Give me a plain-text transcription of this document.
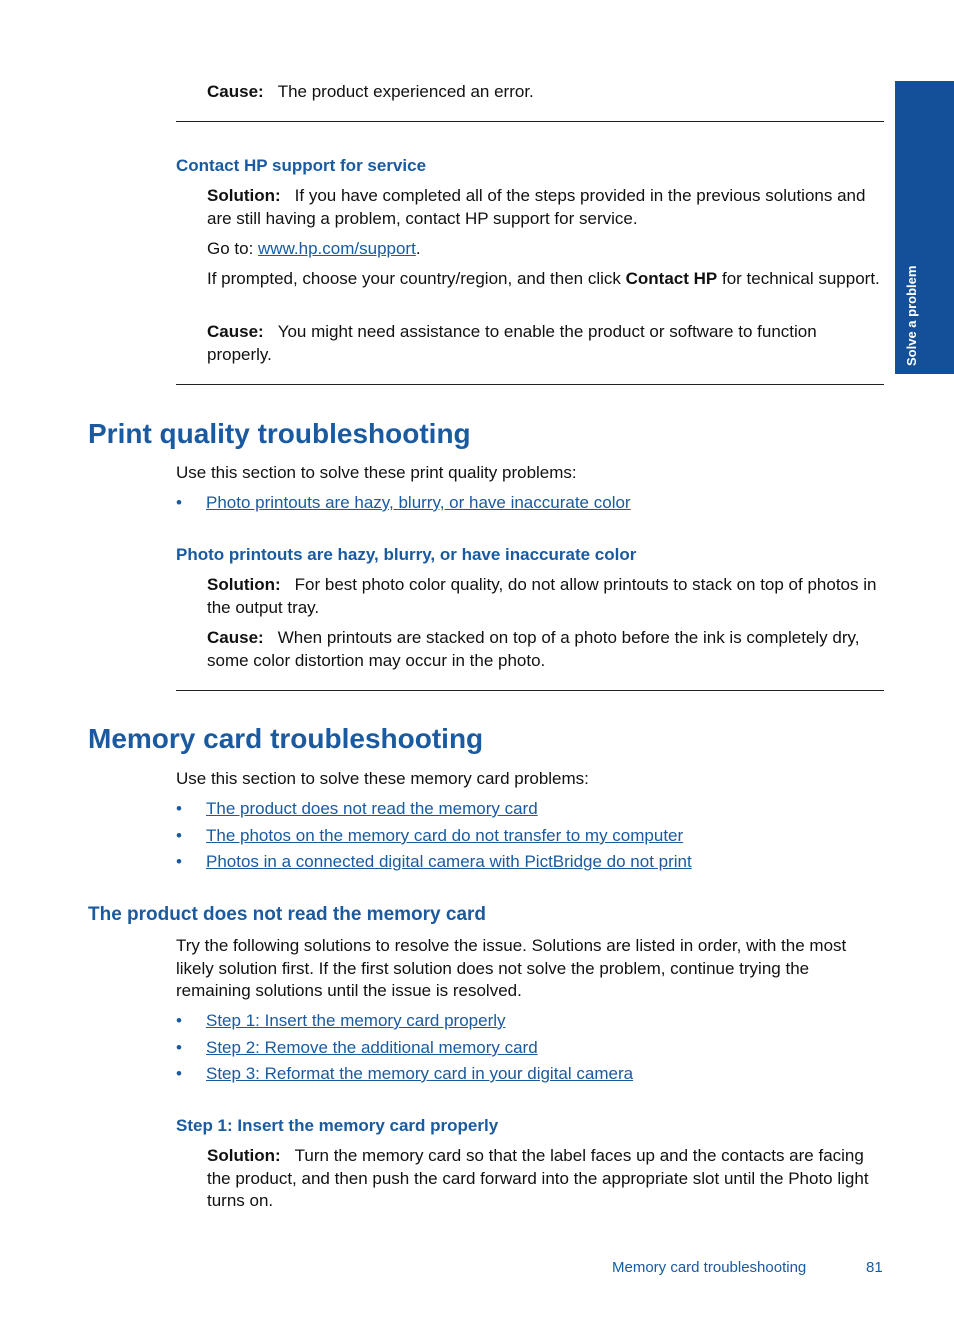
Solve a problem

Cause: The product experienced an error.

Contact HP support for service

Solution: If you have completed all of the steps provided in the previous solutions and are still having a problem, contact HP support for service.

Go to: www.hp.com/support.

If prompted, choose your country/region, and then click Contact HP for technical support.

Cause: You might need assistance to enable the product or software to function properly.

Print quality troubleshooting

Use this section to solve these print quality problems:

• Photo printouts are hazy, blurry, or have inaccurate color
Photo printouts are hazy, blurry, or have inaccurate color

Solution: For best photo color quality, do not allow printouts to stack on top of photos in the output tray.

Cause: When printouts are stacked on top of a photo before the ink is completely dry, some color distortion may occur in the photo.

Memory card troubleshooting

Use this section to solve these memory card problems:

• The product does not read the memory card
• The photos on the memory card do not transfer to my computer
• Photos in a connected digital camera with PictBridge do not print
The product does not read the memory card

Try the following solutions to resolve the issue. Solutions are listed in order, with the most likely solution first. If the first solution does not solve the problem, continue trying the remaining solutions until the issue is resolved.

• Step 1: Insert the memory card properly
• Step 2: Remove the additional memory card
• Step 3: Reformat the memory card in your digital camera
Step 1: Insert the memory card properly

Solution: Turn the memory card so that the label faces up and the contacts are facing the product, and then push the card forward into the appropriate slot until the Photo light turns on.

Memory card troubleshooting	81
